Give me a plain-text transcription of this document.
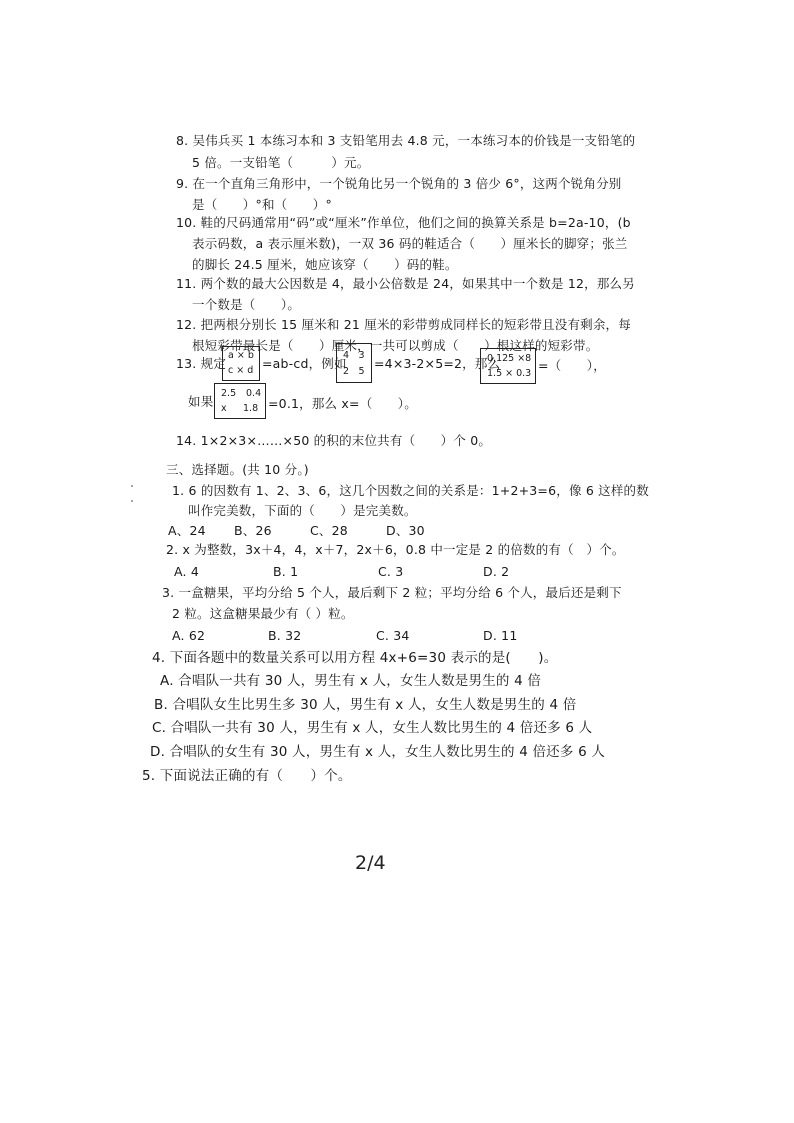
8. 吴伟兵买 1 本练习本和 3 支铅笔用去 4.8 元，一本练习本的价钱是一支铅笔的
5 倍。一支铅笔（　　　）元。
9. 在一个直角三角形中，一个锐角比另一个锐角的 3 倍少 6°，这两个锐角分别
是（　　）°和（　　）°
10. 鞋的尺码通常用“码”或“厘米”作单位，他们之间的换算关系是 b=2a-10，(b
表示码数，a 表示厘米数)，一双 36 码的鞋适合（　　）厘米长的脚穿；张兰
的脚长 24.5 厘米，她应该穿（　　）码的鞋。
11. 两个数的最大公因数是 4，最小公倍数是 24，如果其中一个数是 12，那么另
一个数是（　　）。
12. 把两根分别长 15 厘米和 21 厘米的彩带剪成同样长的短彩带且没有剩余，每
根短彩带最长是（　　）厘米，一共可以剪成（　　）根这样的短彩带。
13. 规定
a × b
c × d =ab-cd，例如
4　3
2　5
=4×3-2×5=2，那么
0.125 ×8
1.5 × 0.3
=（　　），
如果
2.5 0.4
x 1.8 =0.1，那么 x=（　　）。
14. 1×2×3×……×50 的积的末位共有（　　）个 0。
三、选择题。(共 10 分。)
1. 6 的因数有 1、2、3、6，这几个因数之间的关系是：1+2+3=6，像 6 这样的数
叫作完美数，下面的（　　）是完美数。
A、24 B、26	C、28	D、30
2. x 为整数，3x＋4，4，x＋7，2x＋6，0.8 中一定是 2 的倍数的有（　）个。
A. 4	B. 1	C. 3	D. 2
3. 一盒糖果，平均分给 5 个人，最后剩下 2 粒；平均分给 6 个人，最后还是剩下
2 粒。这盒糖果最少有（ ）粒。
A. 62	B. 32	C. 34	D. 11
4. 下面各题中的数量关系可以用方程 4x+6=30 表示的是(　　)。
A. 合唱队一共有 30 人，男生有 x 人，女生人数是男生的 4 倍
B. 合唱队女生比男生多 30 人，男生有 x 人，女生人数是男生的 4 倍
C. 合唱队一共有 30 人，男生有 x 人，女生人数比男生的 4 倍还多 6 人
D. 合唱队的女生有 30 人，男生有 x 人，女生人数比男生的 4 倍还多 6 人
5. 下面说法正确的有（　　）个。
2/4
